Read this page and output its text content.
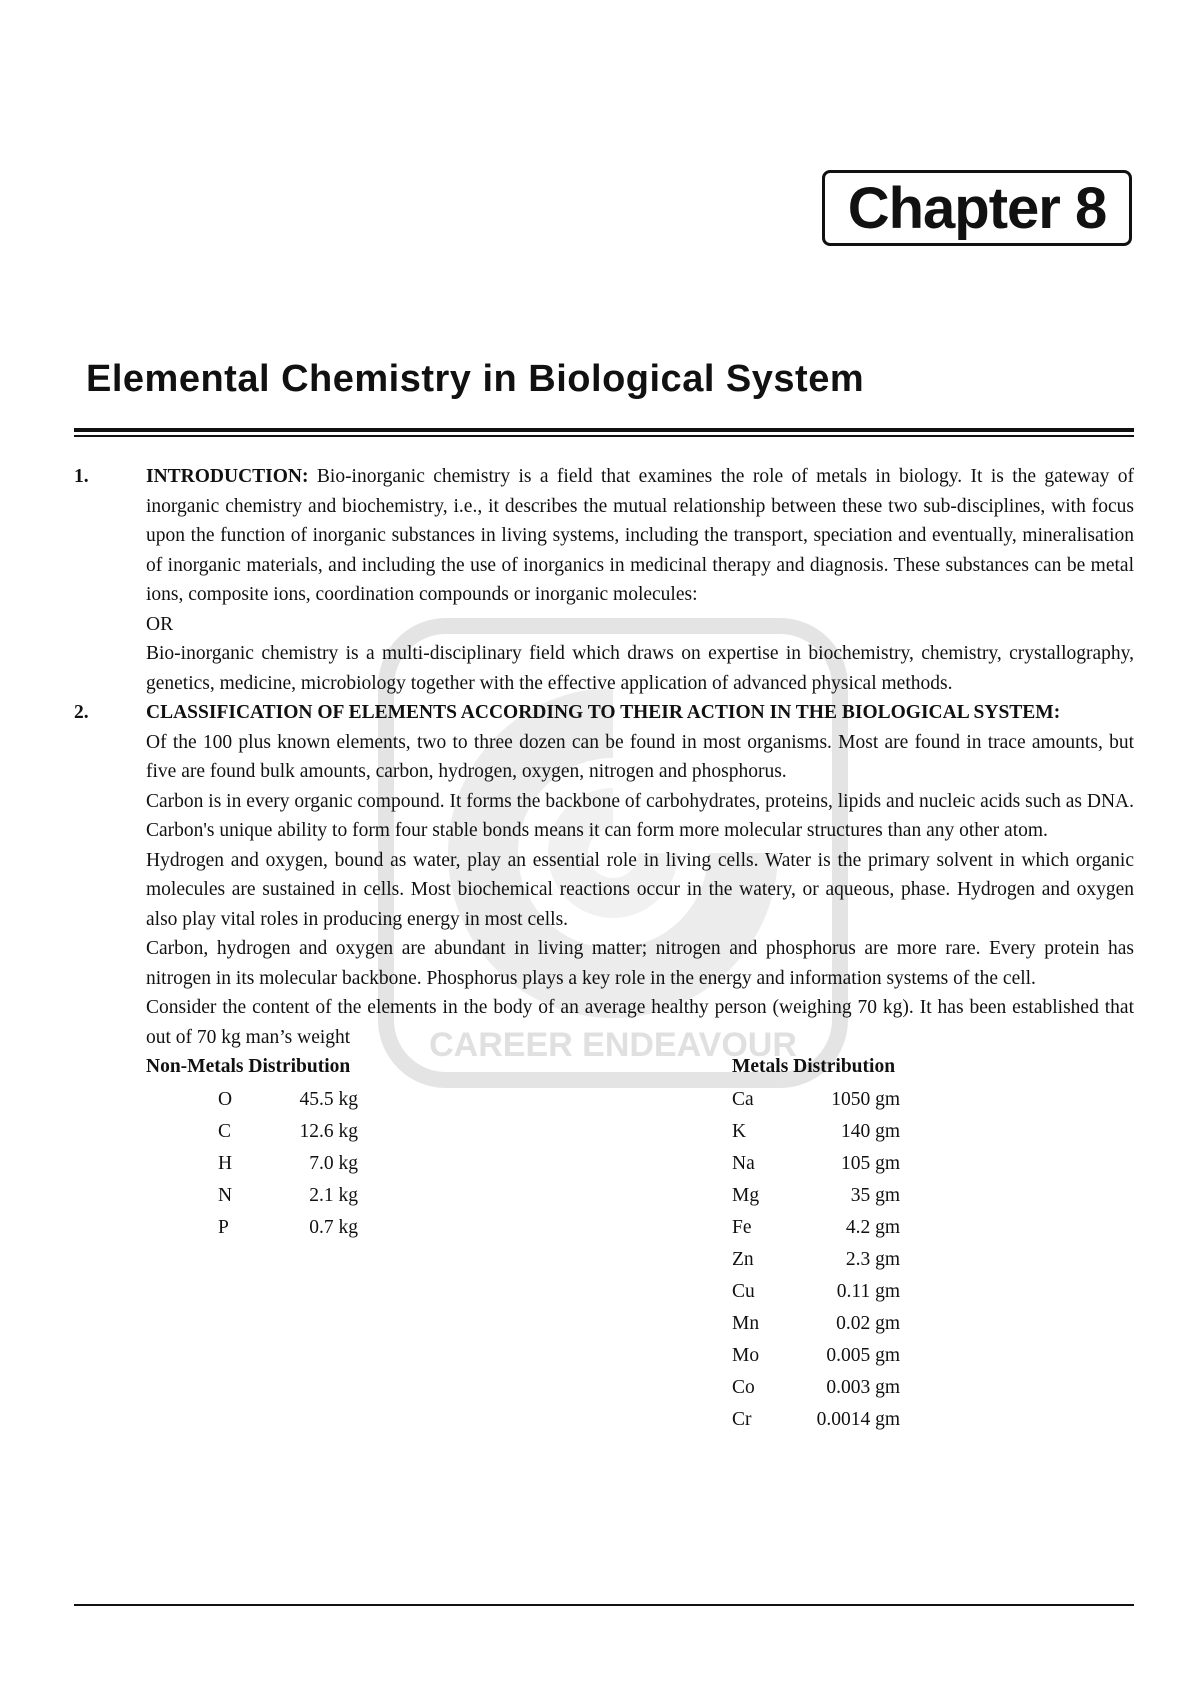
CAREER ENDEAVOUR
Chapter 8
Elemental Chemistry in Biological System
1.	INTRODUCTION: Bio-inorganic chemistry is a field that examines the role of metals in biology. It is the gateway of inorganic chemistry and biochemistry, i.e., it describes the mutual relationship between these two sub-disciplines, with focus upon the function of inorganic substances in living systems, including the transport, speciation and eventually, mineralisation of inorganic materials, and including the use of inorganics in medicinal therapy and diagnosis. These substances can be metal ions, composite ions, coordination compounds or inorganic molecules:

OR

Bio-inorganic chemistry is a multi-disciplinary field which draws on expertise in biochemistry, chemistry, crystallography, genetics, medicine, microbiology together with the effective application of advanced physical methods.

2.	CLASSIFICATION OF ELEMENTS ACCORDING TO THEIR ACTION IN THE BIOLOGICAL SYSTEM:

Of the 100 plus known elements, two to three dozen can be found in most organisms. Most are found in trace amounts, but five are found bulk amounts, carbon, hydrogen, oxygen, nitrogen and phosphorus.

Carbon is in every organic compound. It forms the backbone of carbohydrates, proteins, lipids and nucleic acids such as DNA. Carbon's unique ability to form four stable bonds means it can form more molecular structures than any other atom.

Hydrogen and oxygen, bound as water, play an essential role in living cells. Water is the primary solvent in which organic molecules are sustained in cells. Most biochemical reactions occur in the watery, or aqueous, phase. Hydrogen and oxygen also play vital roles in producing energy in most cells.

Carbon, hydrogen and oxygen are abundant in living matter; nitrogen and phosphorus are more rare. Every protein has nitrogen in its molecular backbone. Phosphorus plays a key role in the energy and information systems of the cell.

Consider the content of the elements in the body of an average healthy person (weighing 70 kg). It has been established that out of 70 kg man’s weight

Non-Metals Distribution
O	45.5 kg
C	12.6 kg
H	7.0 kg
N	2.1 kg
P	0.7 kg
Metals Distribution
Ca	1050 gm
K	140 gm
Na	105 gm
Mg	35 gm
Fe	4.2 gm
Zn	2.3 gm
Cu	0.11 gm
Mn	0.02 gm
Mo	0.005 gm
Co	0.003 gm
Cr	0.0014 gm
